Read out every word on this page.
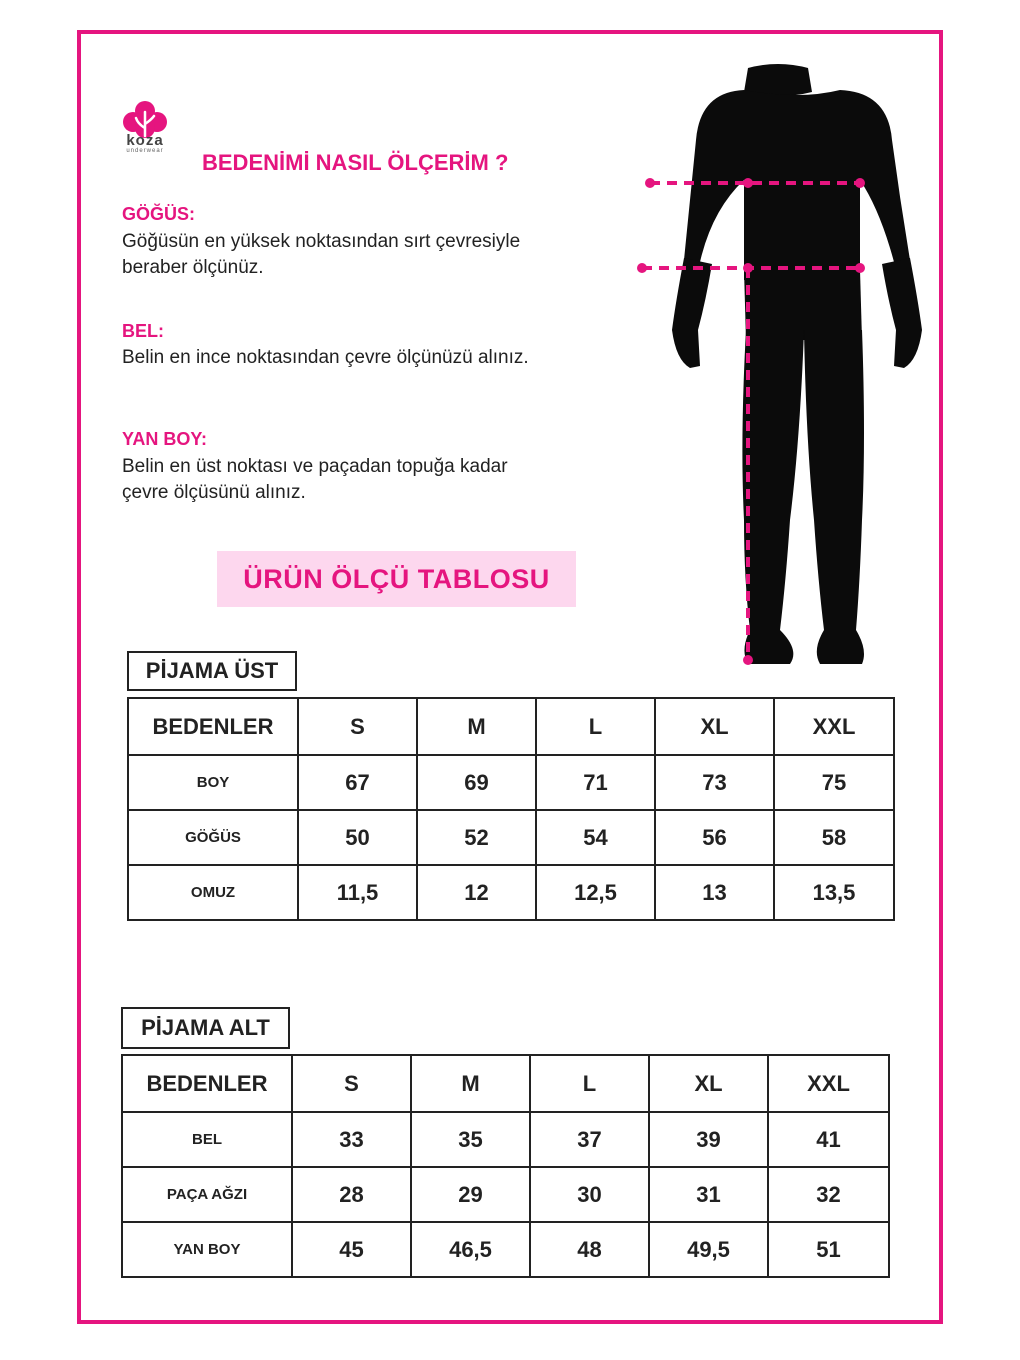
koza
underwear	BEDENİMİ NASIL ÖLÇERİM ?
GÖĞÜS:
Göğüsün en yüksek noktasından sırt çevresiyle
beraber ölçünüz.
BEL:
Belin en ince noktasından çevre ölçünüzü alınız.
YAN BOY:
Belin en üst noktası ve paçadan topuğa kadar
çevre ölçüsünü alınız.
ÜRÜN ÖLÇÜ TABLOSU
PİJAMA ÜST
BEDENLER	S	M	L	XL	XXL
BOY	67	69	71	73	75
GÖĞÜS	50	52	54	56	58
OMUZ	11,5	12	12,5	13	13,5
PİJAMA ALT
BEDENLER	S	M	L	XL	XXL
BEL	33	35	37	39	41
PAÇA AĞZI	28	29	30	31	32
YAN BOY	45	46,5	48	49,5	51
